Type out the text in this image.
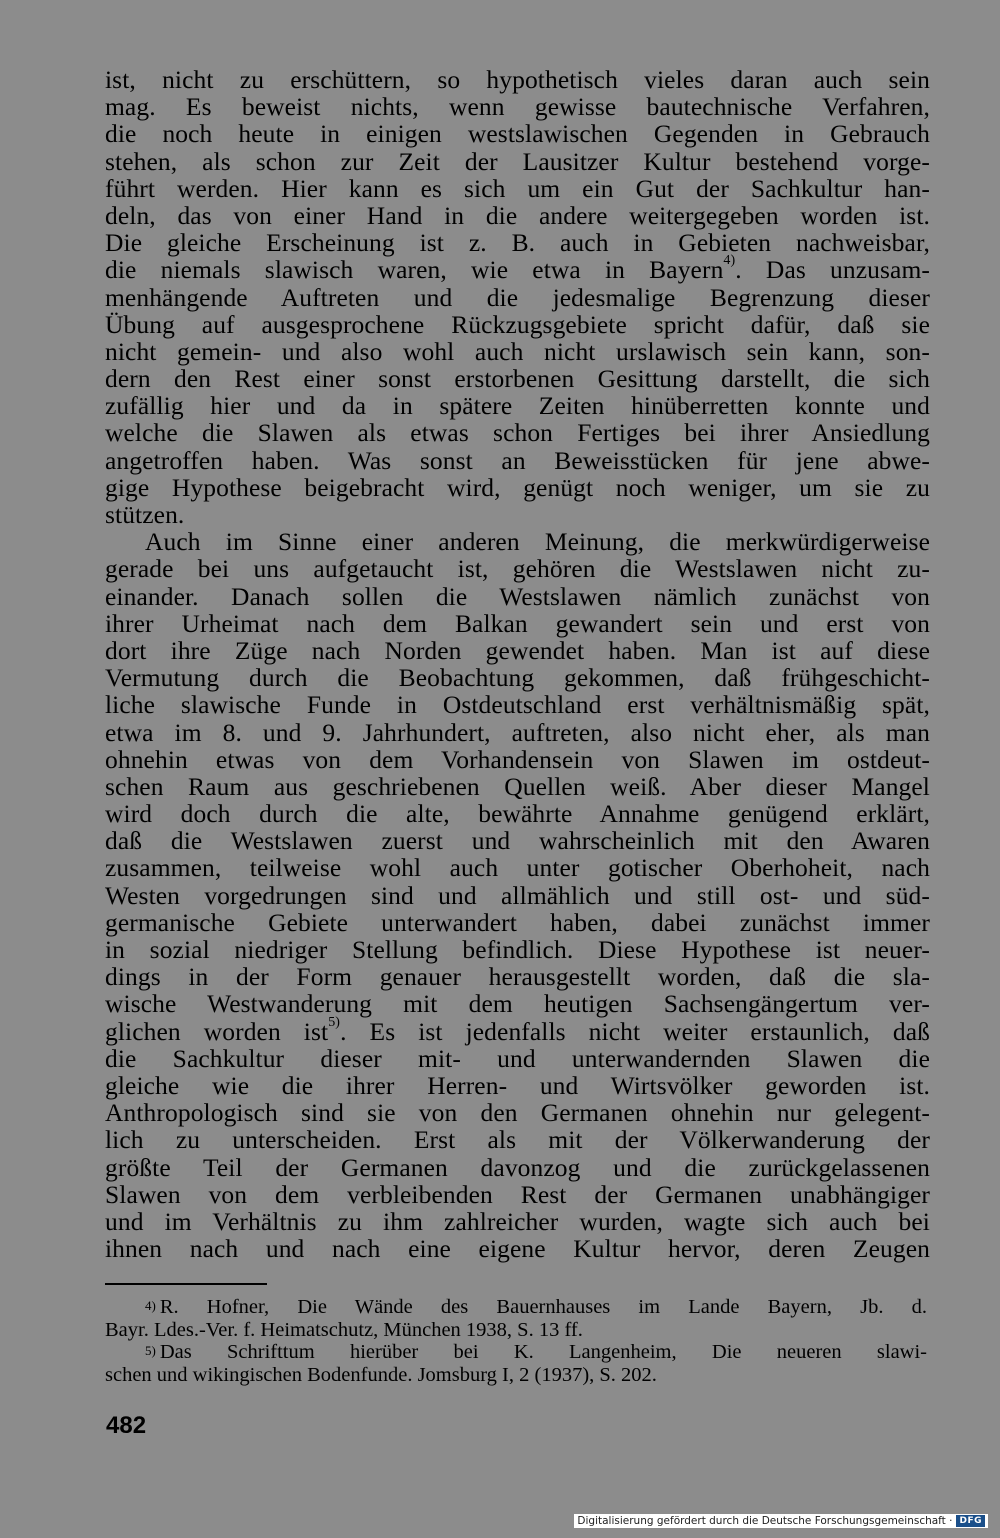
ist, nicht zu erschüttern, so hypothetisch vieles daran auch sein
mag. Es beweist nichts, wenn gewisse bautechnische Verfahren,
die noch heute in einigen westslawischen Gegenden in Gebrauch
stehen, als schon zur Zeit der Lausitzer Kultur bestehend vorge-
führt werden. Hier kann es sich um ein Gut der Sachkultur han-
deln, das von einer Hand in die andere weitergegeben worden ist.
Die gleiche Erscheinung ist z. B. auch in Gebieten nachweisbar,
die niemals slawisch waren, wie etwa in Bayern$^{4)}$. Das unzusam-
menhängende Auftreten und die jedesmalige Begrenzung dieser
Übung auf ausgesprochene Rückzugsgebiete spricht dafür, daß sie
nicht gemein- und also wohl auch nicht urslawisch sein kann, son-
dern den Rest einer sonst erstorbenen Gesittung darstellt, die sich
zufällig hier und da in spätere Zeiten hinüberretten konnte und
welche die Slawen als etwas schon Fertiges bei ihrer Ansiedlung
angetroffen haben. Was sonst an Beweisstücken für jene abwe-
gige Hypothese beigebracht wird, genügt noch weniger, um sie zu
stützen.
Auch im Sinne einer anderen Meinung, die merkwürdigerweise
gerade bei uns aufgetaucht ist, gehören die Westslawen nicht zu-
einander. Danach sollen die Westslawen nämlich zunächst von
ihrer Urheimat nach dem Balkan gewandert sein und erst von
dort ihre Züge nach Norden gewendet haben. Man ist auf diese
Vermutung durch die Beobachtung gekommen, daß frühgeschicht-
liche slawische Funde in Ostdeutschland erst verhältnismäßig spät,
etwa im 8. und 9. Jahrhundert, auftreten, also nicht eher, als man
ohnehin etwas von dem Vorhandensein von Slawen im ostdeut-
schen Raum aus geschriebenen Quellen weiß. Aber dieser Mangel
wird doch durch die alte, bewährte Annahme genügend erklärt,
daß die Westslawen zuerst und wahrscheinlich mit den Awaren
zusammen, teilweise wohl auch unter gotischer Oberhoheit, nach
Westen vorgedrungen sind und allmählich und still ost- und süd-
germanische Gebiete unterwandert haben, dabei zunächst immer
in sozial niedriger Stellung befindlich. Diese Hypothese ist neuer-
dings in der Form genauer herausgestellt worden, daß die sla-
wische Westwanderung mit dem heutigen Sachsengängertum ver-
glichen worden ist$^{5)}$. Es ist jedenfalls nicht weiter erstaunlich, daß
die Sachkultur dieser mit- und unterwandernden Slawen die
gleiche wie die ihrer Herren- und Wirtsvölker geworden ist.
Anthropologisch sind sie von den Germanen ohnehin nur gelegent-
lich zu unterscheiden. Erst als mit der Völkerwanderung der
größte Teil der Germanen davonzog und die zurückgelassenen
Slawen von dem verbleibenden Rest der Germanen unabhängiger
und im Verhältnis zu ihm zahlreicher wurden, wagte sich auch bei
ihnen nach und nach eine eigene Kultur hervor, deren Zeugen
$^{4)}$ R. Hofner, Die Wände des Bauernhauses im Lande Bayern, Jb. d.
Bayr. Ldes.-Ver. f. Heimatschutz, München 1938, S. 13 ff.
$^{5)}$ Das Schrifttum hierüber bei K. Langenheim, Die neueren slawi-
schen und wikingischen Bodenfunde. Jomsburg I, 2 (1937), S. 202.
482
Digitalisierung gefördert durch die Deutsche Forschungsgemeinschaft · DFG
